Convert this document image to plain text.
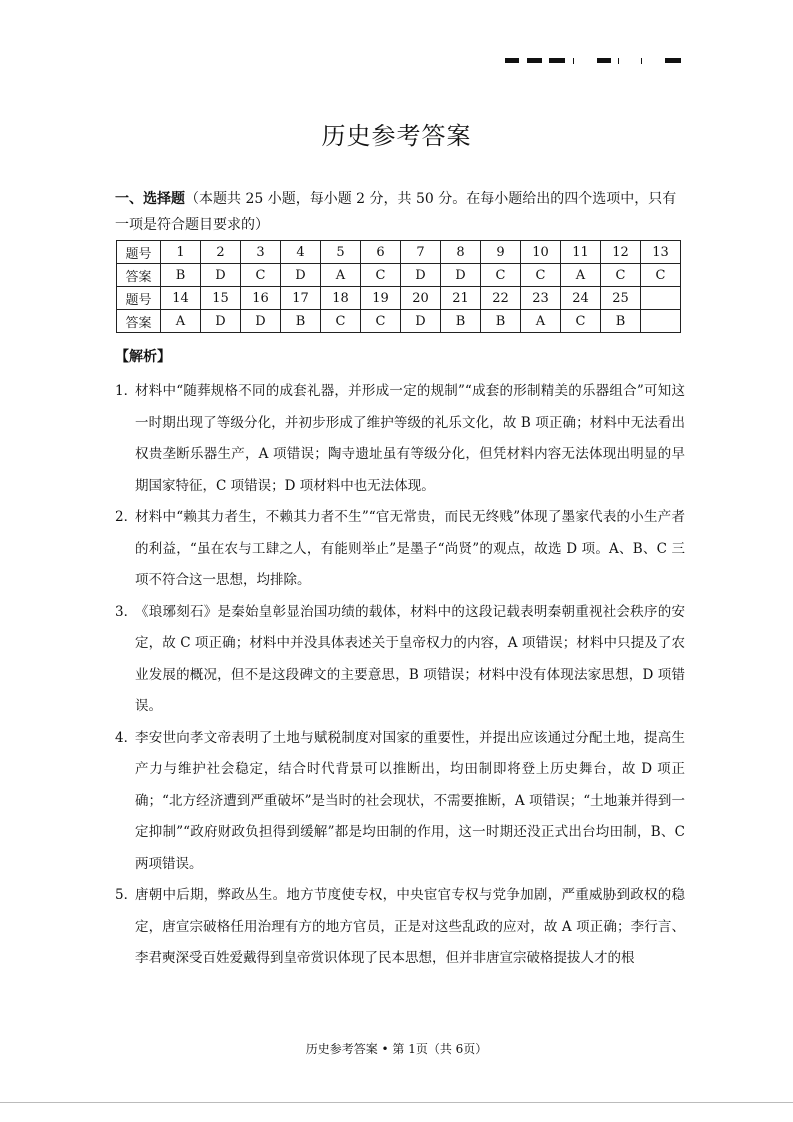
历史参考答案
一、选择题（本题共 25 小题，每小题 2 分，共 50 分。在每小题给出的四个选项中，只有一项是符合题目要求的）
题号	1	2	3	4	5	6	7	8	9	10	11	12	13
答案	B	D	C	D	A	C	D	D	C	C	A	C	C
题号	14	15	16	17	18	19	20	21	22	23	24	25	
答案	A	D	D	B	C	C	D	B	B	A	C	B	
【解析】
1．
材料中“随葬规格不同的成套礼器，并形成一定的规制”“成套的形制精美的乐器组合”可知这一时期出现了等级分化，并初步形成了维护等级的礼乐文化，故 B 项正确；材料中无法看出权贵垄断乐器生产，A 项错误；陶寺遗址虽有等级分化，但凭材料内容无法体现出明显的早期国家特征，C 项错误；D 项材料中也无法体现。
2．
材料中“赖其力者生，不赖其力者不生”“官无常贵，而民无终贱”体现了墨家代表的小生产者的利益，“虽在农与工肆之人，有能则举止”是墨子“尚贤”的观点，故选 D 项。A、B、C 三项不符合这一思想，均排除。
3．
《琅琊刻石》是秦始皇彰显治国功绩的载体，材料中的这段记载表明秦朝重视社会秩序的安定，故 C 项正确；材料中并没具体表述关于皇帝权力的内容，A 项错误；材料中只提及了农业发展的概况，但不是这段碑文的主要意思，B 项错误；材料中没有体现法家思想，D 项错误。
4．
李安世向孝文帝表明了土地与赋税制度对国家的重要性，并提出应该通过分配土地，提高生产力与维护社会稳定，结合时代背景可以推断出，均田制即将登上历史舞台，故 D 项正确；“北方经济遭到严重破坏”是当时的社会现状，不需要推断，A 项错误；“土地兼并得到一定抑制”“政府财政负担得到缓解”都是均田制的作用，这一时期还没正式出台均田制，B、C 两项错误。
5．
唐朝中后期，弊政丛生。地方节度使专权，中央宦官专权与党争加剧，严重威胁到政权的稳定，唐宣宗破格任用治理有方的地方官员，正是对这些乱政的应对，故 A 项正确；李行言、李君奭深受百姓爱戴得到皇帝赏识体现了民本思想，但并非唐宣宗破格提拔人才的根
历史参考答案 • 第 1页（共 6页）
